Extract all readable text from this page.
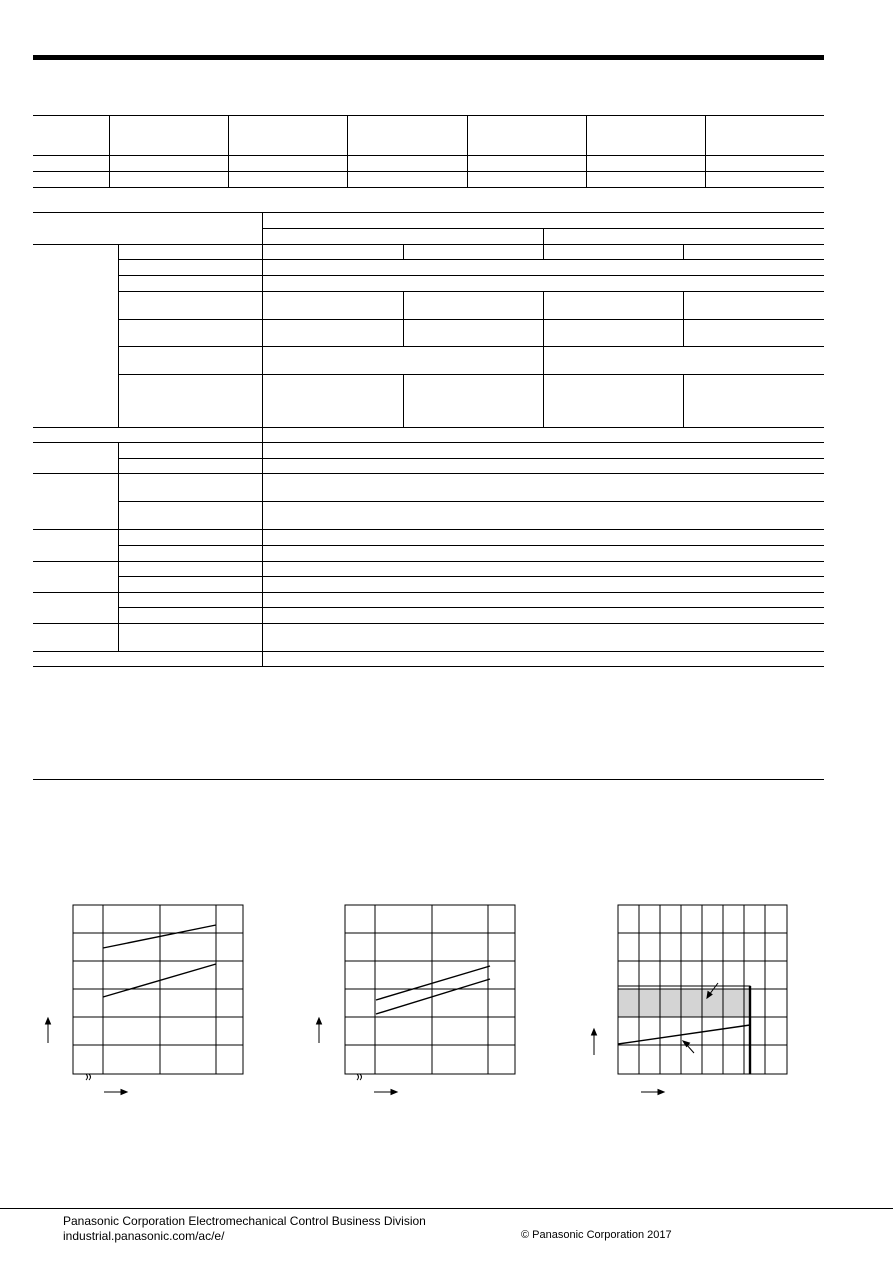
Panasonic Corporation Electromechanical Control Business Division
industrial.panasonic.com/ac/e/	© Panasonic Corporation 2017
